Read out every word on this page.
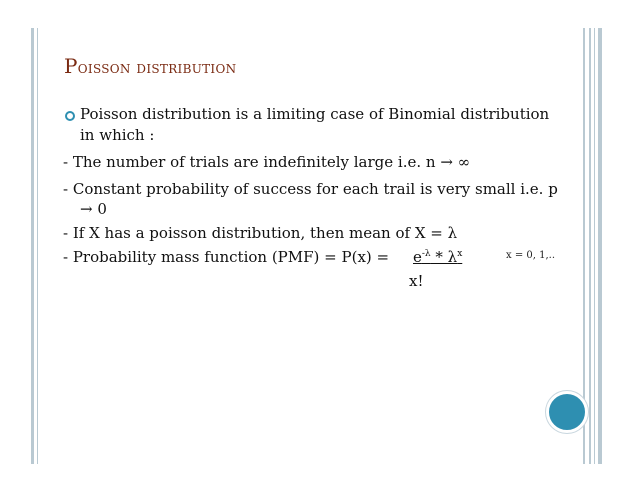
Poisson distribution
Poisson distribution is a limiting case of Binomial distribution
in which :
- The number of trials are indefinitely large i.e. n → ∞
- Constant probability of success for each trail is very small i.e. p
→ 0
- If X has a poisson distribution, then mean of X = λ
- Probability mass function $(PMF) = P(x) = e^{-\lambda} * \lambda^x$	x = 0, 1,..
x!
